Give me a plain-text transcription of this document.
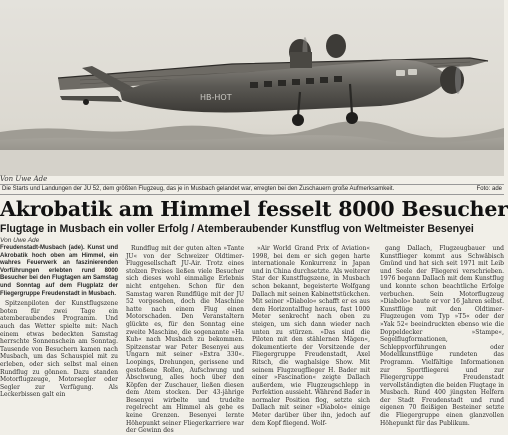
HB-HOT
Von Uwe Ade
Die Starts und Landungen der JU 52, dem größten Flugzeug, das je in Musbach gelandet war, erregten bei den Zuschauern große Aufmerksamkeit.	Foto: ade
Akrobatik am Himmel fesselt 8000 Besucher
Flugtage in Musbach ein voller Erfolg / Atemberaubender Kunstflug von Weltmeister Besenyei
Von Uwe Ade

Freudenstadt-Musbach (ade). Kunst und Akrobatik hoch oben am Himmel, ein wahres Feuerwerk an faszinierenden Vorführungen erlebten rund 8000 Besucher bei den Flugtagen am Samstag und Sonntag auf dem Flugplatz der Fliegergruppe Freudenstadt in Musbach.

Spitzenpiloten der Kunstflugszene boten für zwei Tage ein atemberaubendes Programm. Und auch das Wetter spielte mit: Nach einem etwas bedeckten Samstag herrschte Sonnenschein am Sonntag. Tausende von Besuchern kamen nach Musbach, um das Schauspiel mit zu erleben, oder sich selbst mal einen Rundflug zu gönnen. Dazu standen Motorflugzeuge, Motorsegler oder Segler zur Verfügung. Als Leckerbissen galt ein

Rundflug mit der guten alten »Tante JU« von der Schweizer Oldtimer-Fluggesellschaft JU-Air. Trotz eines stolzen Preises ließen viele Besucher sich dieses wohl einmalige Erlebnis nicht entgehen. Schon für den Samstag waren Rundflüge mit der JU 52 vorgesehen, doch die Maschine hatte nach einem Flug einen Motorschaden. Den Veranstaltern glückte es, für den Sonntag eine zweite Maschine, die sogenannte »Ha Kuh« nach Musbach zu bekommen. Spitzenstar war Peter Besenyei aus Ungarn mit seiner »Extra 330«. Loopings, Drehungen, gerissene und gestoßene Rollen, Aufschwung und Abschwung, alles hoch über den Köpfen der Zuschauer, ließen diesen dem Atem stocken. Der 43-jährige Besenyei wirbelte und trudelte regelrecht am Himmel als gehe es keine Grenzen. Besenyei lernte Höhepunkt seiner Fliegerkarriere war der Gewinn des

»Air World Grand Prix of Aviation« 1998, bei dem er sich gegen harte internationale Konkurrenz in Japan und in China durchsetzte. Als weiterer Star der Kunstflugszene, in Musbach schon bekannt, begeisterte Wolfgang Dallach mit seinen Kabinettstückchen. Mit seiner »Diabolo« schafft er es aus dem Horizontalflug heraus, fast 1000 Meter senkrecht nach oben zu steigen, um sich dann wieder nach unten zu stürzen. »Das sind die Piloten mit den stählernen Mägen«, dokumentierte der Vorsitzende der Fliegergruppe Freudenstadt, Axel Ritsch, die waghalsige Show. Mit seinem Flugzeugflieger H. Bader mit einer »Fascination« zeigte Dallach außerdem, wie Flugzeugschlepp in Perfektion aussieht. Während Bader in normaler Position flog, setzte sich Dallach mit seiner »Diabolo« einige Meter darüber über ihn, jedoch auf dem Kopf fliegend. Wolf-

gang Dallach, Flugzeugbauer und Kunstflieger kommt aus Schwäbisch Gmünd und hat sich seit 1971 mit Leib und Seele der Fliegerei verschrieben. 1976 begann Dallach mit dem Kunstflug und konnte schon beachtliche Erfolge verbuchen. Sein Motorflugzeug »Diabolo« baute er vor 16 Jahren selbst. Kunstflüge mit den Oldtimer-Flugzeugen vom Typ »T5« oder der »Yak 52« beeindruckten ebenso wie die Doppeldecker »Stampe«, Segelflugformationen, Schleppvorführungen oder Modellkunstflüge rundeten das Programm. Vielfältige Informationen zur Sportfliegerei und zur Fliegergruppe Freudenstadt vervollständigten die beiden Flugtage in Musbach. Rund 400 jüngsten Helfern der Stadt Freudenstadt und rund eigenen 70 fleißigen Besteiner setzte die Fliegergruppe einen glanzvollen Höhepunkt für das Publikum.
